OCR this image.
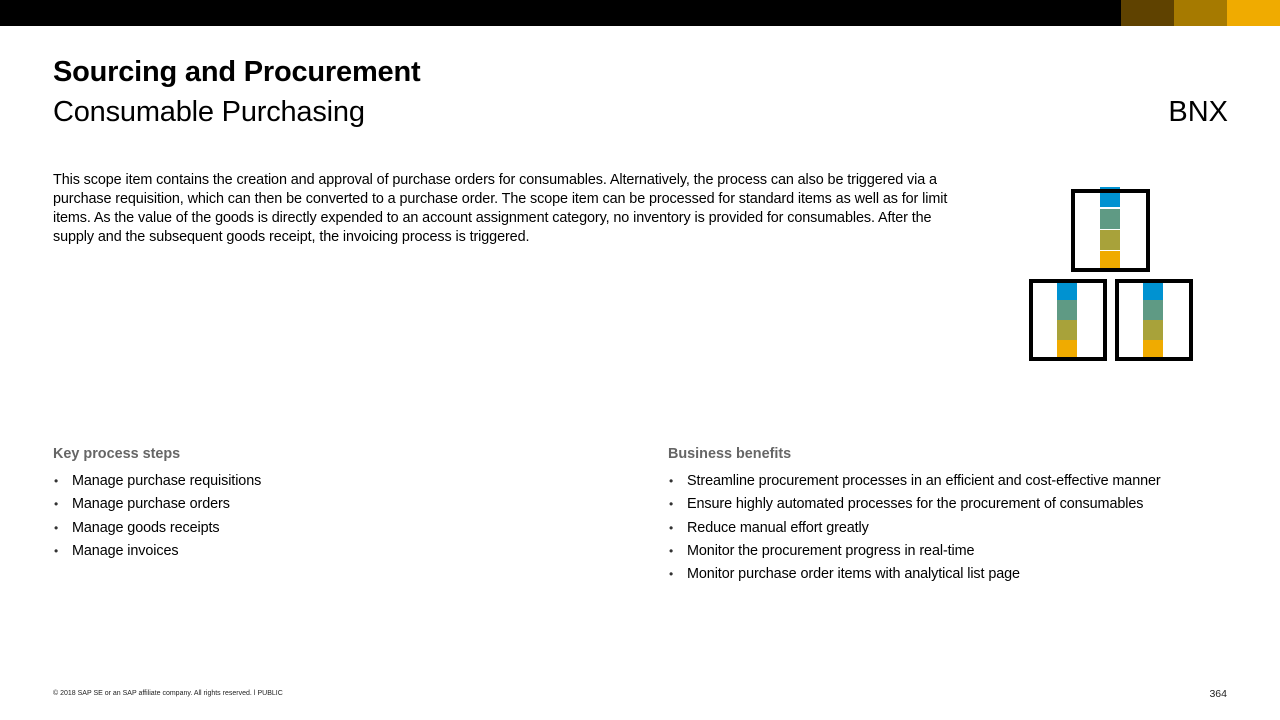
Sourcing and Procurement
Consumable Purchasing	BNX

This scope item contains the creation and approval of purchase orders for consumables. Alternatively, the process can also be triggered via a purchase requisition, which can then be converted to a purchase order. The scope item can be processed for standard items as well as for limit items. As the value of the goods is directly expended to an account assignment category, no inventory is provided for consumables. After the supply and the subsequent goods receipt, the invoicing process is triggered.

Key process steps
• Manage purchase requisitions
• Manage purchase orders
• Manage goods receipts
• Manage invoices
Business benefits
• Streamline procurement processes in an efficient and cost-effective manner
• Ensure highly automated processes for the procurement of consumables
• Reduce manual effort greatly
• Monitor the procurement progress in real-time
• Monitor purchase order items with analytical list page
© 2018 SAP SE or an SAP affiliate company. All rights reserved. ǀ PUBLIC	364
